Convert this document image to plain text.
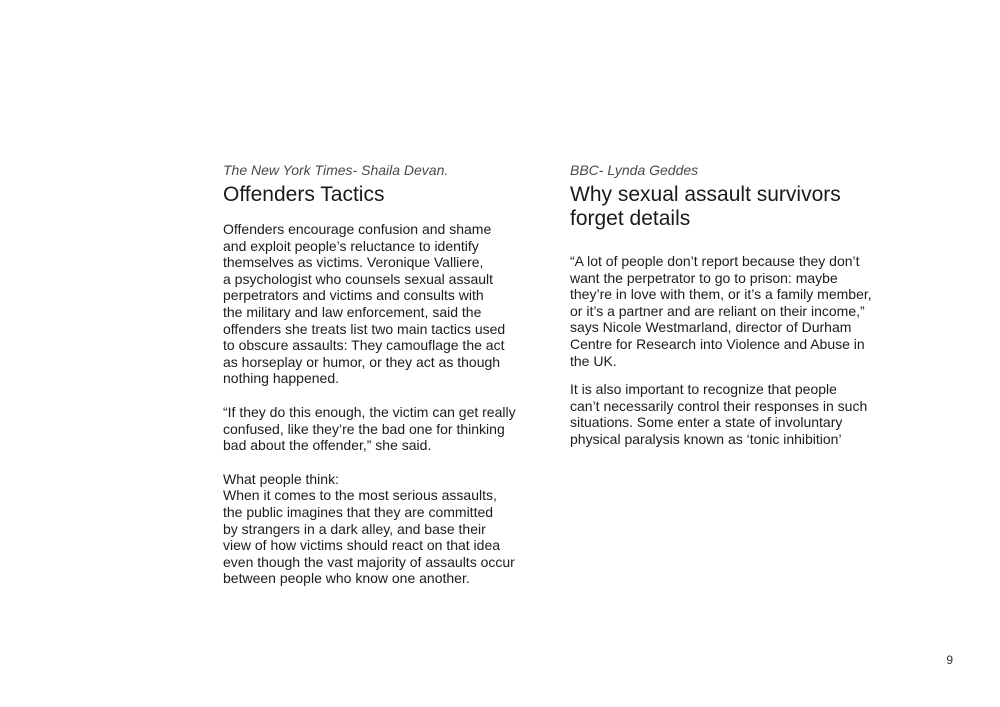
The New York Times- Shaila Devan.

Offenders Tactics

Offenders encourage confusion and shame
and exploit people’s reluctance to identify
themselves as victims. Veronique Valliere,
a psychologist who counsels sexual assault
perpetrators and victims and consults with
the military and law enforcement, said the
offenders she treats list two main tactics used
to obscure assaults: They camouflage the act
as horseplay or humor, or they act as though
nothing happened.

“If they do this enough, the victim can get really
confused, like they’re the bad one for thinking
bad about the offender,” she said.

What people think:
When it comes to the most serious assaults,
the public imagines that they are committed
by strangers in a dark alley, and base their
view of how victims should react on that idea
even though the vast majority of assaults occur
between people who know one another.

BBC- Lynda Geddes

Why sexual assault survivors
forget details

“A lot of people don’t report because they don’t
want the perpetrator to go to prison: maybe
they’re in love with them, or it’s a family member,
or it’s a partner and are reliant on their income,”
says Nicole Westmarland, director of Durham
Centre for Research into Violence and Abuse in
the UK.

It is also important to recognize that people
can’t necessarily control their responses in such
situations. Some enter a state of involuntary
physical paralysis known as ‘tonic inhibition’

9
